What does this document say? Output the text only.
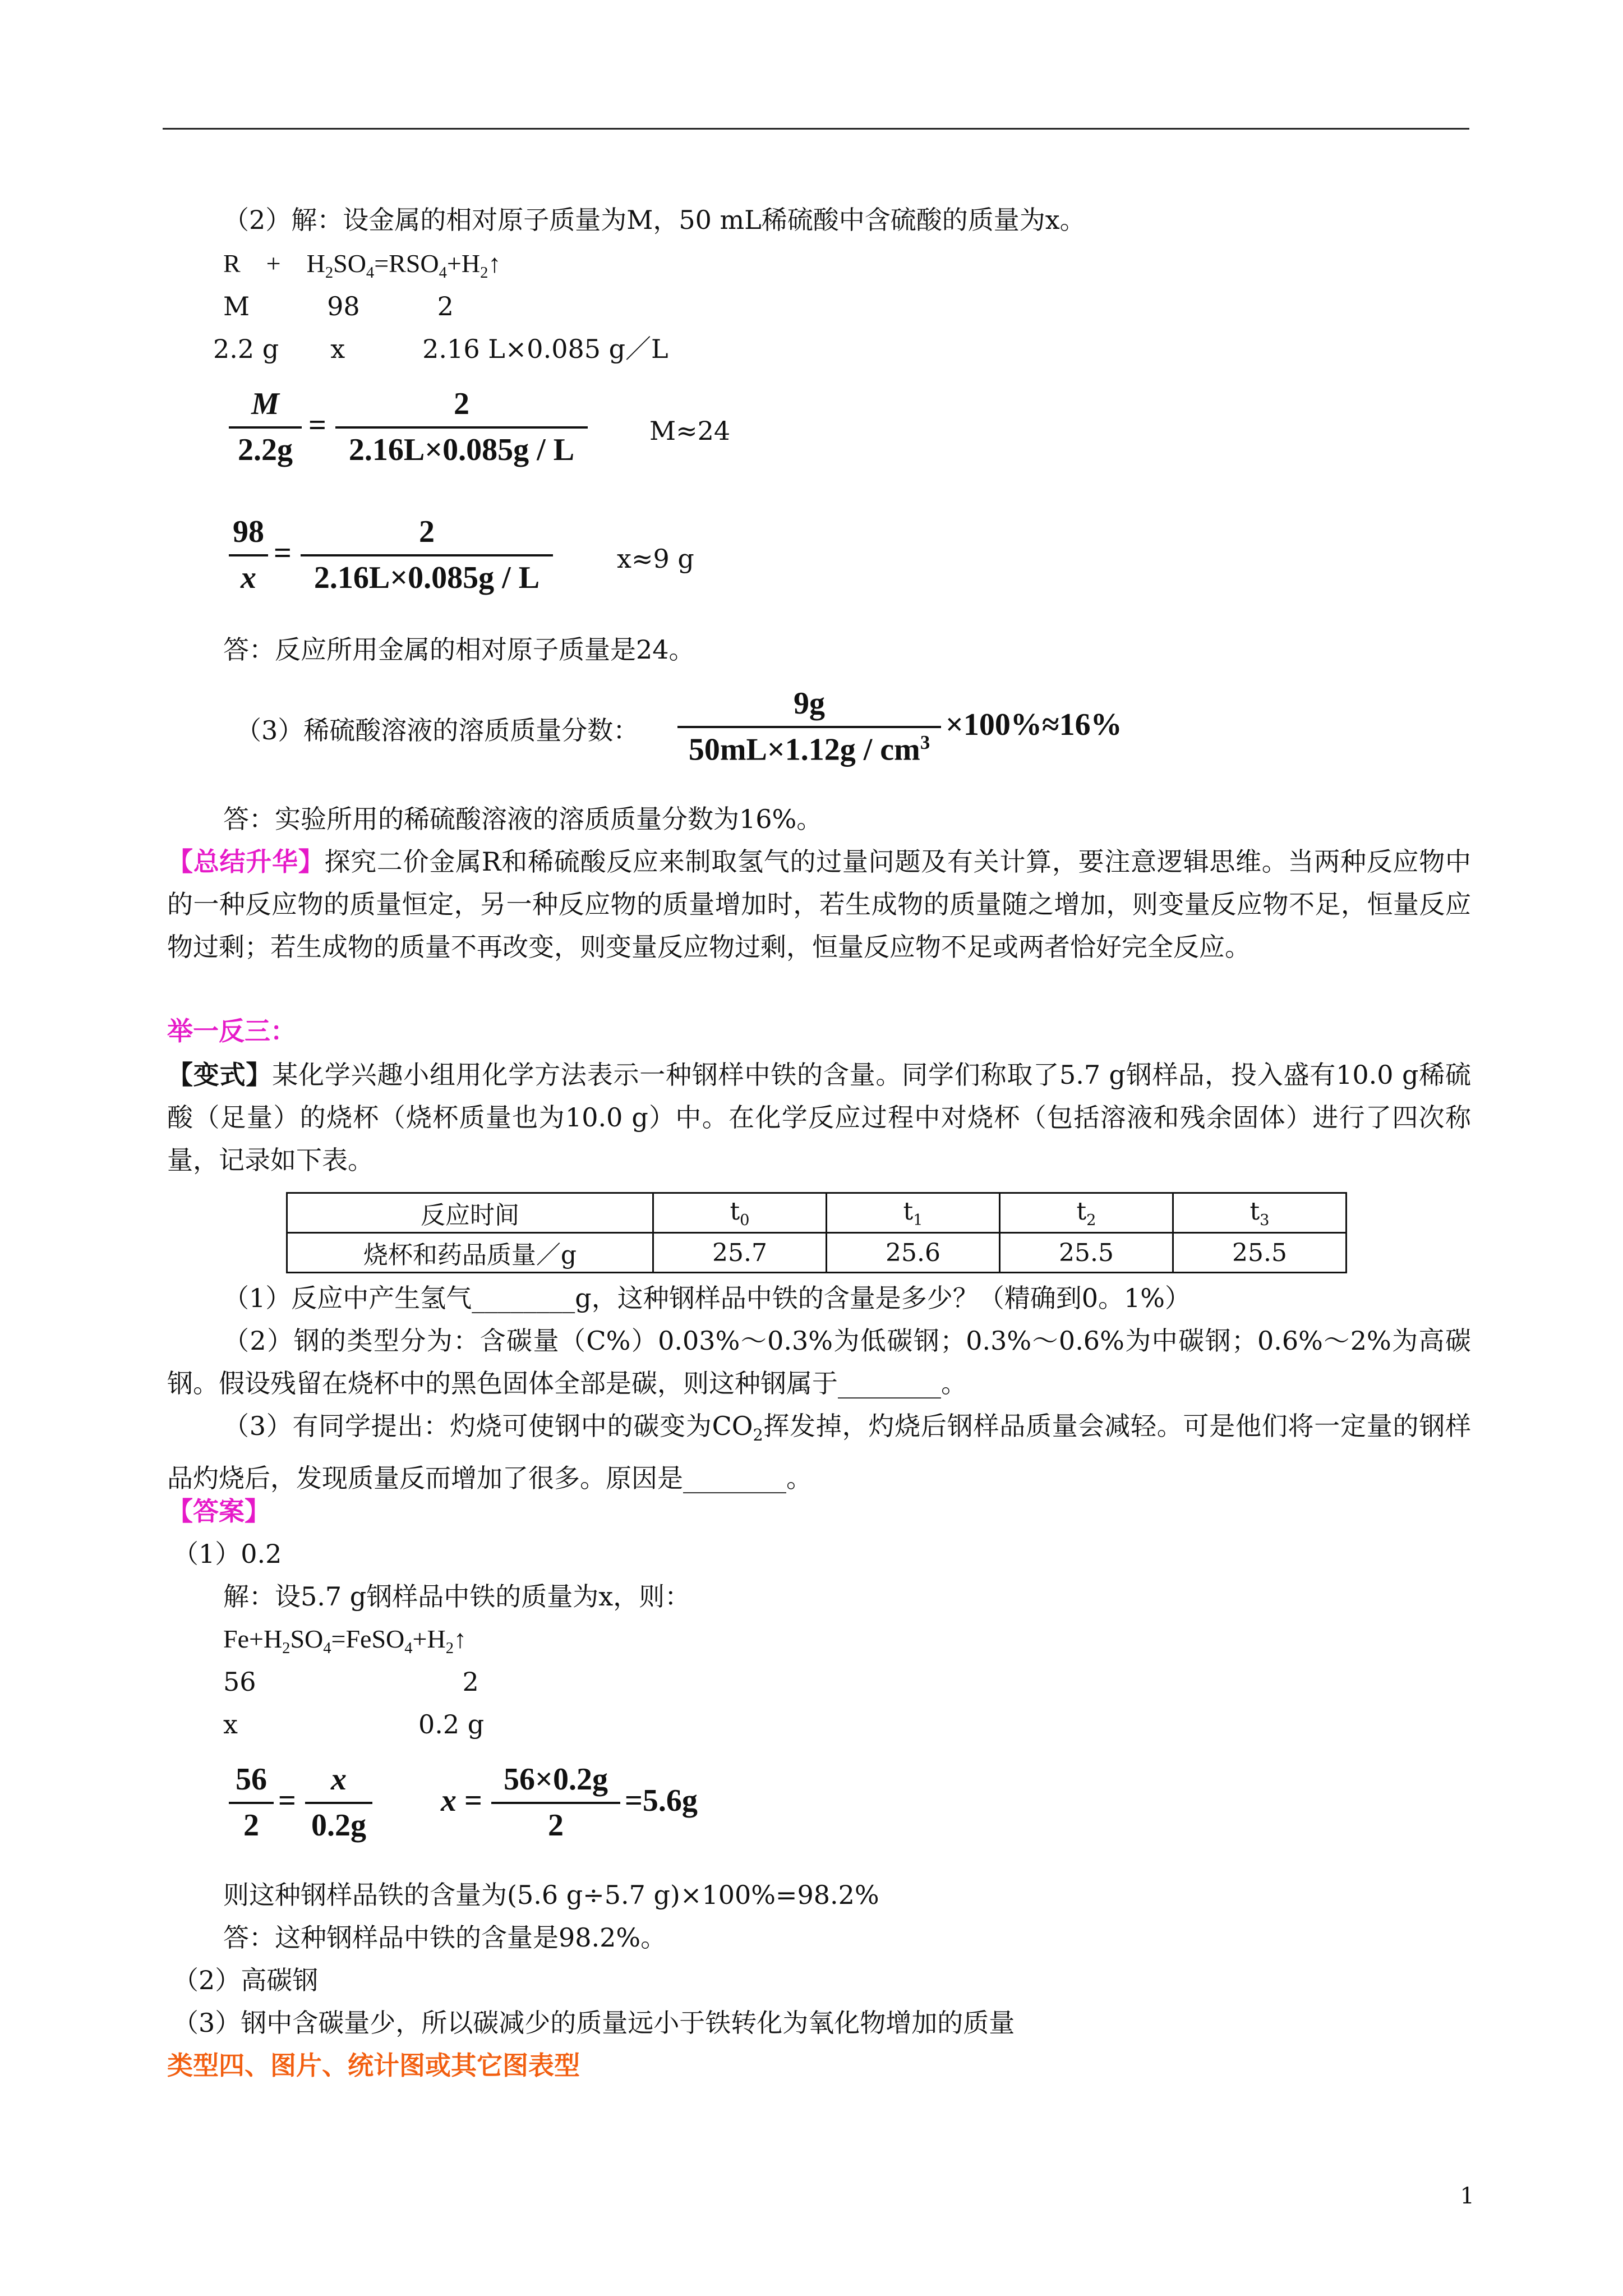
（2）解：设金属的相对原子质量为M，50 mL稀硫酸中含硫酸的质量为x。
R　+　$H_2SO_4=RSO_4+H_2↑$
M　　　98　　　2
2.2 g　　x　　　2.16 L×0.085 g／L
M
2.2g
=
2
2.16L×0.085g / L
M≈24
98
x
=
2
2.16L×0.085g / L
x≈9 g
答：反应所用金属的相对原子质量是24。
（3）稀硫酸溶液的溶质质量分数：
9g
$50mL\times 1.12g / cm^3$
×100%≈16%
答：实验所用的稀硫酸溶液的溶质质量分数为16%。
【总结升华】探究二价金属R和稀硫酸反应来制取氢气的过量问题及有关计算，要注意逻辑思维。当两种反应物中的一种反应物的质量恒定，另一种反应物的质量增加时，若生成物的质量随之增加，则变量反应物不足，恒量反应物过剩；若生成物的质量不再改变，则变量反应物过剩，恒量反应物不足或两者恰好完全反应。
举一反三：
【变式】某化学兴趣小组用化学方法表示一种钢样中铁的含量。同学们称取了5.7 g钢样品，投入盛有10.0 g稀硫酸（足量）的烧杯（烧杯质量也为10.0 g）中。在化学反应过程中对烧杯（包括溶液和残余固体）进行了四次称量，记录如下表。
反应时间	$t_0$	$t_1$	$t_2$	$t_3$
烧杯和药品质量／g	25.7	25.6	25.5	25.5
（1）反应中产生氢气________g，这种钢样品中铁的含量是多少？（精确到0。1%）
（2）钢的类型分为：含碳量（C%）0.03%～0.3%为低碳钢；0.3%～0.6%为中碳钢；0.6%～2%为高碳钢。假设残留在烧杯中的黑色固体全部是碳，则这种钢属于________。
（3）有同学提出：灼烧可使钢中的碳变为$CO_2$挥发掉，灼烧后钢样品质量会减轻。可是他们将一定量的钢样品灼烧后，发现质量反而增加了很多。原因是________。
【答案】
（1）0.2
解：设5.7 g钢样品中铁的质量为x，则：
$Fe+H_2SO_4=FeSO_4+H_2↑$
56　　　　　　　　2
x　　　　　　　0.2 g
56
2
=
x
0.2g
x =
56×0.2g
2
=5.6g
则这种钢样品铁的含量为(5.6 g÷5.7 g)×100%=98.2%
答：这种钢样品中铁的含量是98.2%。
（2）高碳钢
（3）钢中含碳量少，所以碳减少的质量远小于铁转化为氧化物增加的质量
类型四、图片、统计图或其它图表型
1
